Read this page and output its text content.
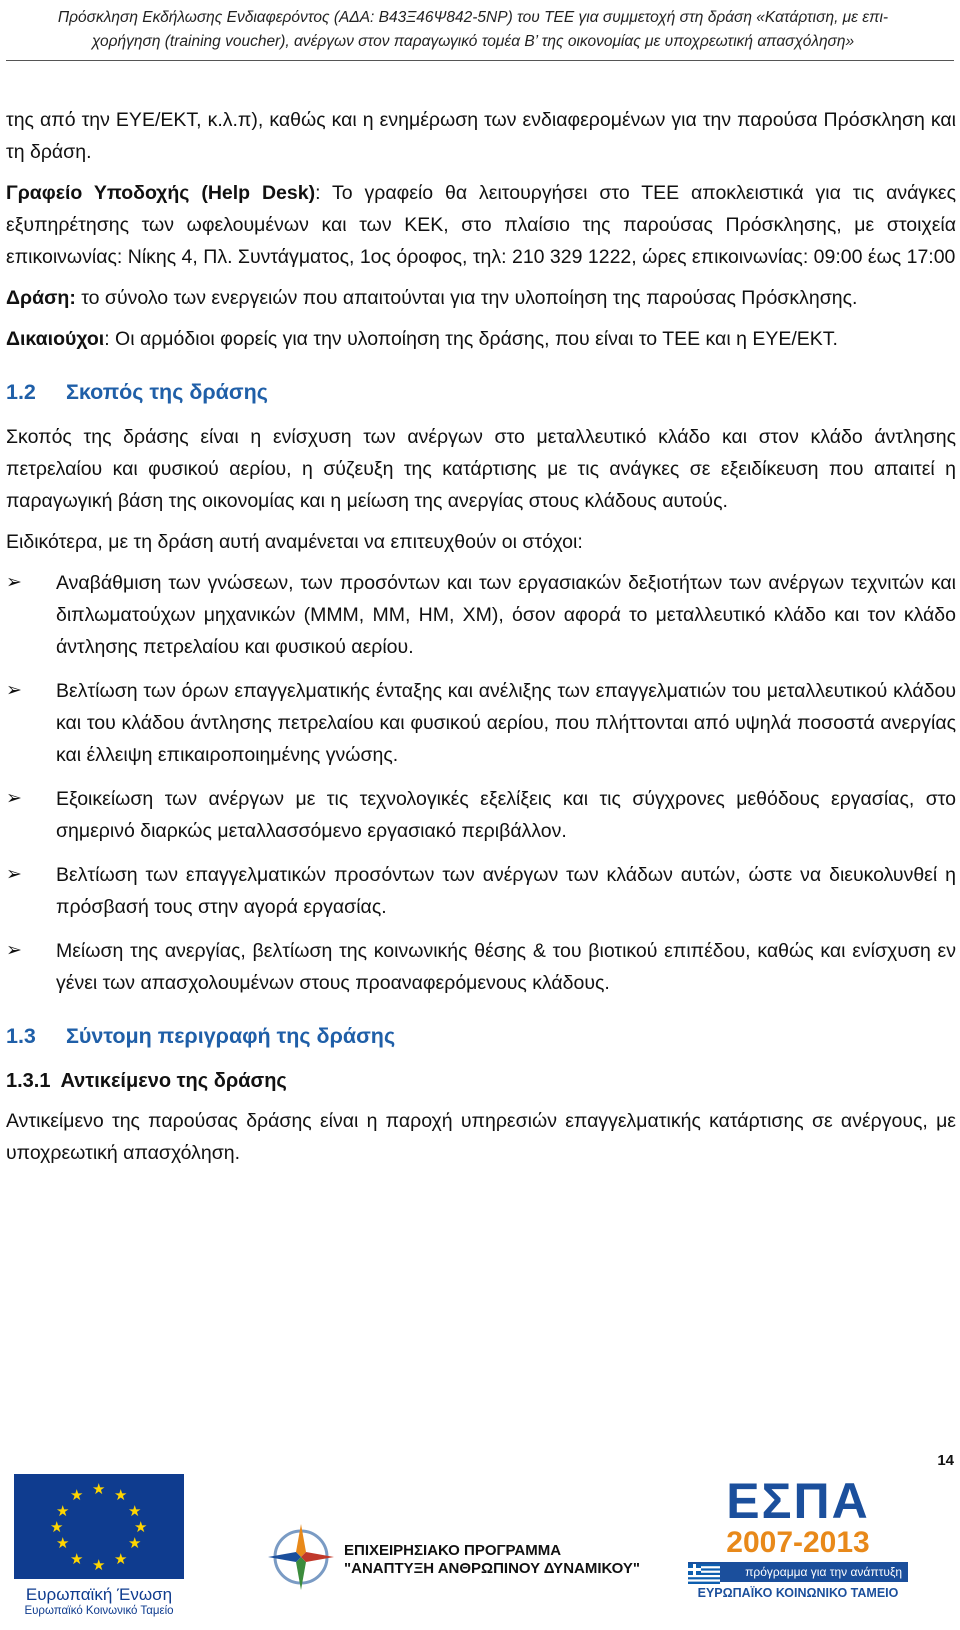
Πρόσκληση Εκδήλωσης Ενδιαφερόντος (ΑΔΑ: Β43Ξ46Ψ842-5ΝΡ) του ΤΕΕ για συμμετοχή στη δράση «Κατάρτιση, με επι-
χορήγηση (training voucher), ανέργων στον παραγωγικό τομέα Β’ της οικονομίας με υποχρεωτική απασχόληση»

της από την ΕΥΕ/ΕΚΤ, κ.λ.π), καθώς και η ενημέρωση των ενδιαφερομένων για την παρούσα Πρόσκληση και τη δράση.

Γραφείο Υποδοχής (Help Desk): Το γραφείο θα λειτουργήσει στο ΤΕΕ αποκλειστικά για τις ανάγκες εξυπηρέτησης των ωφελουμένων και των ΚΕΚ, στο πλαίσιο της παρούσας Πρόσκλησης, με στοιχεία επικοινωνίας: Νίκης 4, Πλ. Συντάγματος, 1ος όροφος, τηλ: 210 329 1222, ώρες επικοινωνίας: 09:00 έως 17:00

Δράση: το σύνολο των ενεργειών που απαιτούνται για την υλοποίηση της παρούσας Πρόσκλησης.

Δικαιούχοι: Οι αρμόδιοι φορείς για την υλοποίηση της δράσης, που είναι το ΤΕΕ και η ΕΥΕ/ΕΚΤ.

1.2 Σκοπός της δράσης

Σκοπός της δράσης είναι η ενίσχυση των ανέργων στο μεταλλευτικό κλάδο και στον κλάδο άντλησης πετρελαίου και φυσικού αερίου, η σύζευξη της κατάρτισης με τις ανάγκες σε εξειδίκευση που απαιτεί η παραγωγική βάση της οικονομίας και η μείωση της ανεργίας στους κλάδους αυτούς.

Ειδικότερα, με τη δράση αυτή αναμένεται να επιτευχθούν οι στόχοι:

➢ Αναβάθμιση των γνώσεων, των προσόντων και των εργασιακών δεξιοτήτων των ανέργων τεχνιτών και διπλωματούχων μηχανικών (ΜΜΜ, ΜΜ, ΗΜ, ΧΜ), όσον αφορά το μεταλλευτικό κλάδο και τον κλάδο άντλησης πετρελαίου και φυσικού αερίου.
➢ Βελτίωση των όρων επαγγελματικής ένταξης και ανέλιξης των επαγγελματιών του μεταλλευτικού κλάδου και του κλάδου άντλησης πετρελαίου και φυσικού αερίου, που πλήττονται από υψηλά ποσοστά ανεργίας και έλλειψη επικαιροποιημένης γνώσης.
➢ Εξοικείωση των ανέργων με τις τεχνολογικές εξελίξεις και τις σύγχρονες μεθόδους εργασίας, στο σημερινό διαρκώς μεταλλασσόμενο εργασιακό περιβάλλον.
➢ Βελτίωση των επαγγελματικών προσόντων των ανέργων των κλάδων αυτών, ώστε να διευκολυνθεί η πρόσβασή τους στην αγορά εργασίας.
➢ Μείωση της ανεργίας, βελτίωση της κοινωνικής θέσης & του βιοτικού επιπέδου, καθώς και ενίσχυση εν γένει των απασχολουμένων στους προαναφερόμενους κλάδους.
1.3 Σύντομη περιγραφή της δράσης
1.3.1 Αντικείμενο της δράσης

Αντικείμενο της παρούσας δράσης είναι η παροχή υπηρεσιών επαγγελματικής κατάρτισης σε ανέργους, με υποχρεωτική απασχόληση.

14
★ ★
★
★
★
★
★
★
★
★
★
★
Ευρωπαϊκή Ένωση
Ευρωπαϊκό Κοινωνικό Ταμείο
ΕΠΙΧΕΙΡΗΣΙΑΚΟ ΠΡΟΓΡΑΜΜΑ
"ΑΝΑΠΤΥΞΗ ΑΝΘΡΩΠΙΝΟΥ ΔΥΝΑΜΙΚΟΥ"
ΕΣΠΑ
2007-2013
πρόγραμμα για την ανάπτυξη
ΕΥΡΩΠΑΪΚΟ ΚΟΙΝΩΝΙΚΟ ΤΑΜΕΙΟ
